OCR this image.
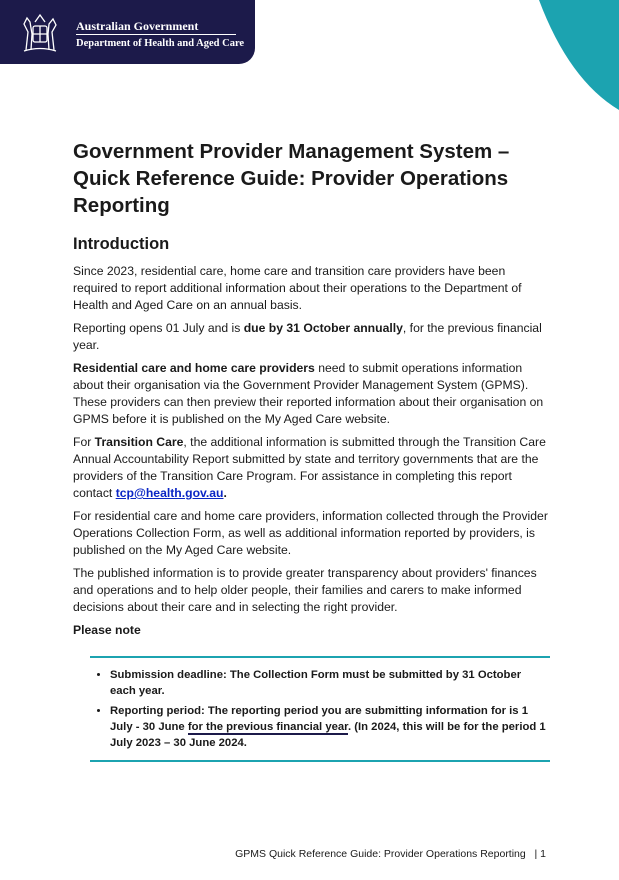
Australian Government
Department of Health and Aged Care
Government Provider Management System – Quick Reference Guide: Provider Operations Reporting
Introduction

Since 2023, residential care, home care and transition care providers have been required to report additional information about their operations to the Department of Health and Aged Care on an annual basis.

Reporting opens 01 July and is due by 31 October annually, for the previous financial year.

Residential care and home care providers need to submit operations information about their organisation via the Government Provider Management System (GPMS). These providers can then preview their reported information about their organisation on GPMS before it is published on the My Aged Care website.

For Transition Care, the additional information is submitted through the Transition Care Annual Accountability Report submitted by state and territory governments that are the providers of the Transition Care Program. For assistance in completing this report contact tcp@health.gov.au.

For residential care and home care providers, information collected through the Provider Operations Collection Form, as well as additional information reported by providers, is published on the My Aged Care website.

The published information is to provide greater transparency about providers' finances and operations and to help older people, their families and carers to make informed decisions about their care and in selecting the right provider.

Please note

• Submission deadline: The Collection Form must be submitted by 31 October each year.
• Reporting period: The reporting period you are submitting information for is 1 July - 30 June for the previous financial year. (In 2024, this will be for the period 1 July 2023 – 30 June 2024.
GPMS Quick Reference Guide: Provider Operations Reporting | 1
